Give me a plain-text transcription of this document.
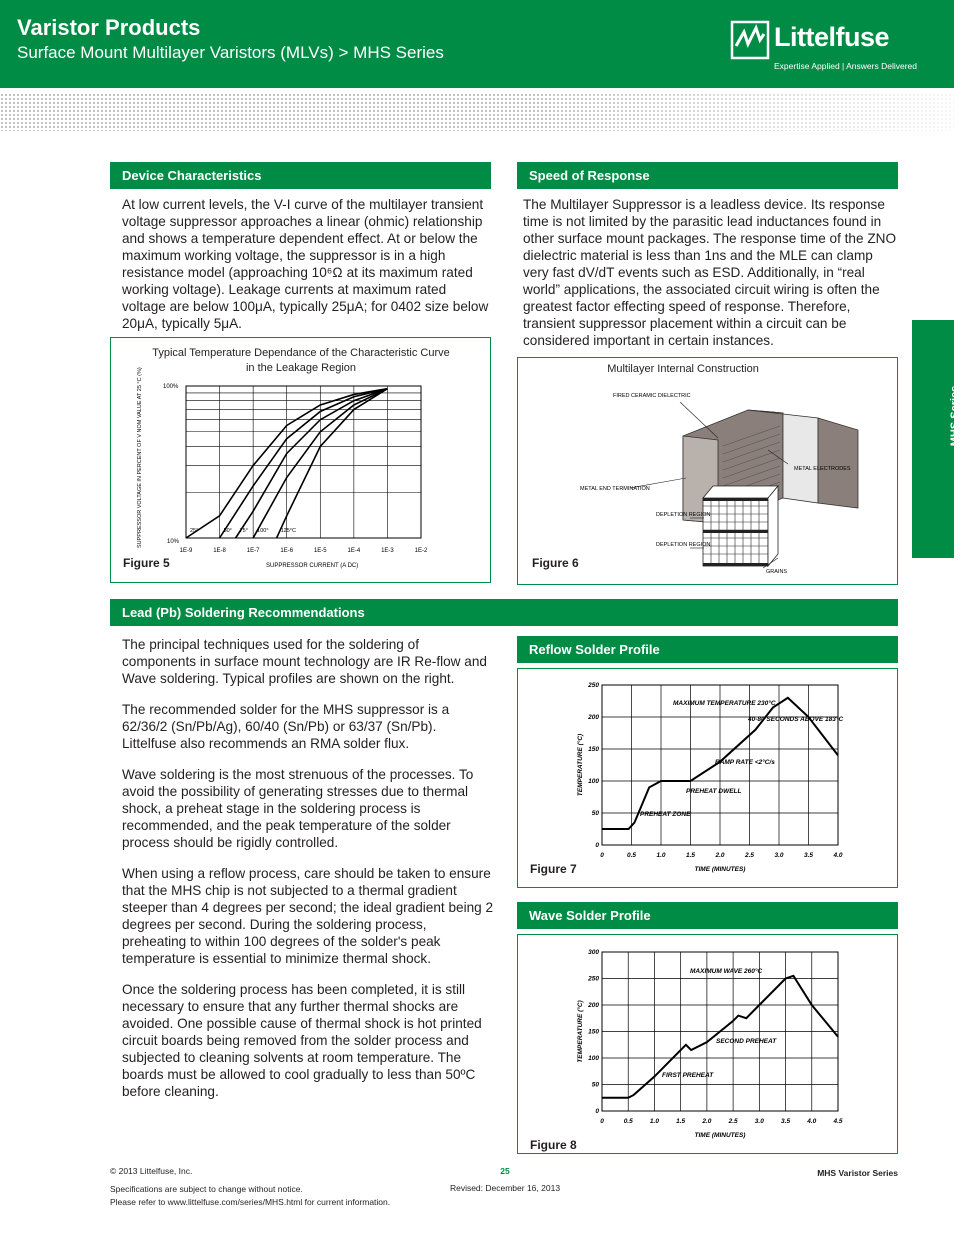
Varistor Products
Surface Mount Multilayer Varistors (MLVs) > MHS Series
Littelfuse
Expertise Applied | Answers Delivered
MHS Series
Device Characteristics
At low current levels, the V-I curve of the multilayer transient voltage suppressor approaches a linear (ohmic) relationship and shows a temperature dependent effect. At or below the maximum working voltage, the suppressor is in a high resistance model (approaching 10⁶Ω at its maximum rated working voltage). Leakage currents at maximum rated voltage are below 100μA, typically 25μA; for 0402 size below 20μA, typically 5μA.
Typical Temperature Dependance of the Characteristic Curve in the Leakage Region
Figure 5
SUPPRESSOR VOLTAGE IN PERCENT OF V NOM VALUE AT 25 °C (%)	100%
10%
SUPPRESSOR CURRENT (A DC)
1E-9	1E-8	1E-7	1E-6	1E-5	1E-4	1E-3	1E-2
25°	50° 75° 100° 125°C
Speed of Response
The Multilayer Suppressor is a leadless device. Its response time is not limited by the parasitic lead inductances found in other surface mount packages. The response time of the ZNO dielectric material is less than 1ns and the MLE can clamp very fast dV/dT events such as ESD. Additionally, in “real world” applications, the associated circuit wiring is often the greatest factor effecting speed of response. Therefore, transient suppressor placement within a circuit can be considered important in certain instances.
Multilayer Internal Construction
Figure 6
FIRED CERAMIC DIELECTRIC
METAL ELECTRODES
METAL END TERMINATION
DEPLETION REGION
DEPLETION REGION
GRAINS
Lead (Pb) Soldering Recommendations

The principal techniques used for the soldering of components in surface mount technology are IR Re-flow and Wave soldering. Typical profiles are shown on the right.

The recommended solder for the MHS suppressor is a 62/36/2 (Sn/Pb/Ag), 60/40 (Sn/Pb) or 63/37 (Sn/Pb). Littelfuse also recommends an RMA solder flux.

Wave soldering is the most strenuous of the processes. To avoid the possibility of generating stresses due to thermal shock, a preheat stage in the soldering process is recommended, and the peak temperature of the solder process should be rigidly controlled.

When using a reflow process, care should be taken to ensure that the MHS chip is not subjected to a thermal gradient steeper than 4 degrees per second; the ideal gradient being 2 degrees per second. During the soldering process, preheating to within 100 degrees of the solder's peak temperature is essential to minimize thermal shock.

Once the soldering process has been completed, it is still necessary to ensure that any further thermal shocks are avoided. One possible cause of thermal shock is hot printed circuit boards being removed from the solder process and subjected to cleaning solvents at room temperature. The boards must be allowed to cool gradually to less than 50ºC before cleaning.

Reflow Solder Profile
Figure 7
0	0.5	1.0	1.5	2.0	2.5	3.0	3.5	4.0
0
50
100
150
200
250
TIME (MINUTES)
TEMPERATURE (°C)
MAXIMUM TEMPERATURE 230°C
40-80 SECONDS ABOVE 183°C
RAMP RATE <2°C/s
PREHEAT DWELL
PREHEAT ZONE
Wave Solder Profile
Figure 8
0	0.5	1.0	1.5	2.0	2.5	3.0	3.5	4.0	4.5
0
50
100
150
200
250
300
TIME (MINUTES)
TEMPERATURE (°C)
MAXIMUM WAVE 260°C
SECOND PREHEAT
FIRST PREHEAT
© 2013 Littelfuse, Inc.
Specifications are subject to change without notice.
Please refer to www.littelfuse.com/series/MHS.html for current information.
25
Revised: December 16, 2013
MHS Varistor Series
